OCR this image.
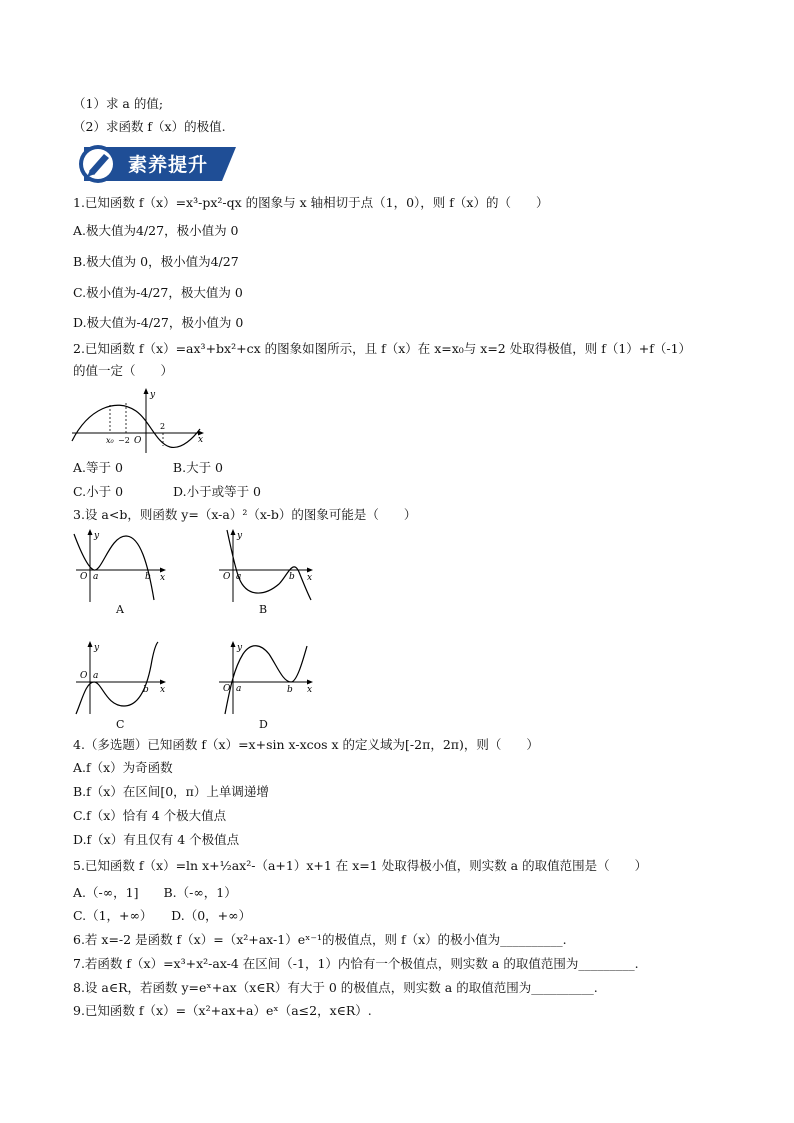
（1）求 a 的值;
（2）求函数 f（x）的极值.
素养提升
1.已知函数 f（x）=x³-px²-qx 的图象与 x 轴相切于点（1，0），则 f（x）的（　　）
A.极大值为4/27，极小值为 0
B.极大值为 0，极小值为4/27
C.极小值为-4/27，极大值为 0
D.极大值为-4/27，极小值为 0
2.已知函数 f（x）=ax³+bx²+cx 的图象如图所示，且 f（x）在 x=x₀与 x=2 处取得极值，则 f（1）+f（-1）
的值一定（　　）
y
x
O
x₀ −2
2
A.等于 0　　　　B.大于 0
C.小于 0　　　　D.小于或等于 0
3.设 a<b，则函数 y=（x-a）²（x-b）的图象可能是（　　）
y
x
O a	b
A
y
x
O a	b
B
y
x
O a
b
C
y
x
O a	b
D
4.（多选题）已知函数 f（x）=x+sin x-xcos x 的定义域为[-2π，2π)，则（　　）
A.f（x）为奇函数
B.f（x）在区间[0，π）上单调递增
C.f（x）恰有 4 个极大值点
D.f（x）有且仅有 4 个极值点
5.已知函数 f（x）=ln x+½ax²-（a+1）x+1 在 x=1 处取得极小值，则实数 a 的取值范围是（　　）
A.（-∞，1]　　B.（-∞，1）
C.（1，+∞）　　D.（0，+∞）
6.若 x=-2 是函数 f（x）=（x²+ax-1）eˣ⁻¹的极值点，则 f（x）的极小值为__________.
7.若函数 f（x）=x³+x²-ax-4 在区间（-1，1）内恰有一个极值点，则实数 a 的取值范围为_________.
8.设 a∈R，若函数 y=eˣ+ax（x∈R）有大于 0 的极值点，则实数 a 的取值范围为__________.
9.已知函数 f（x）=（x²+ax+a）eˣ（a≤2，x∈R）.
